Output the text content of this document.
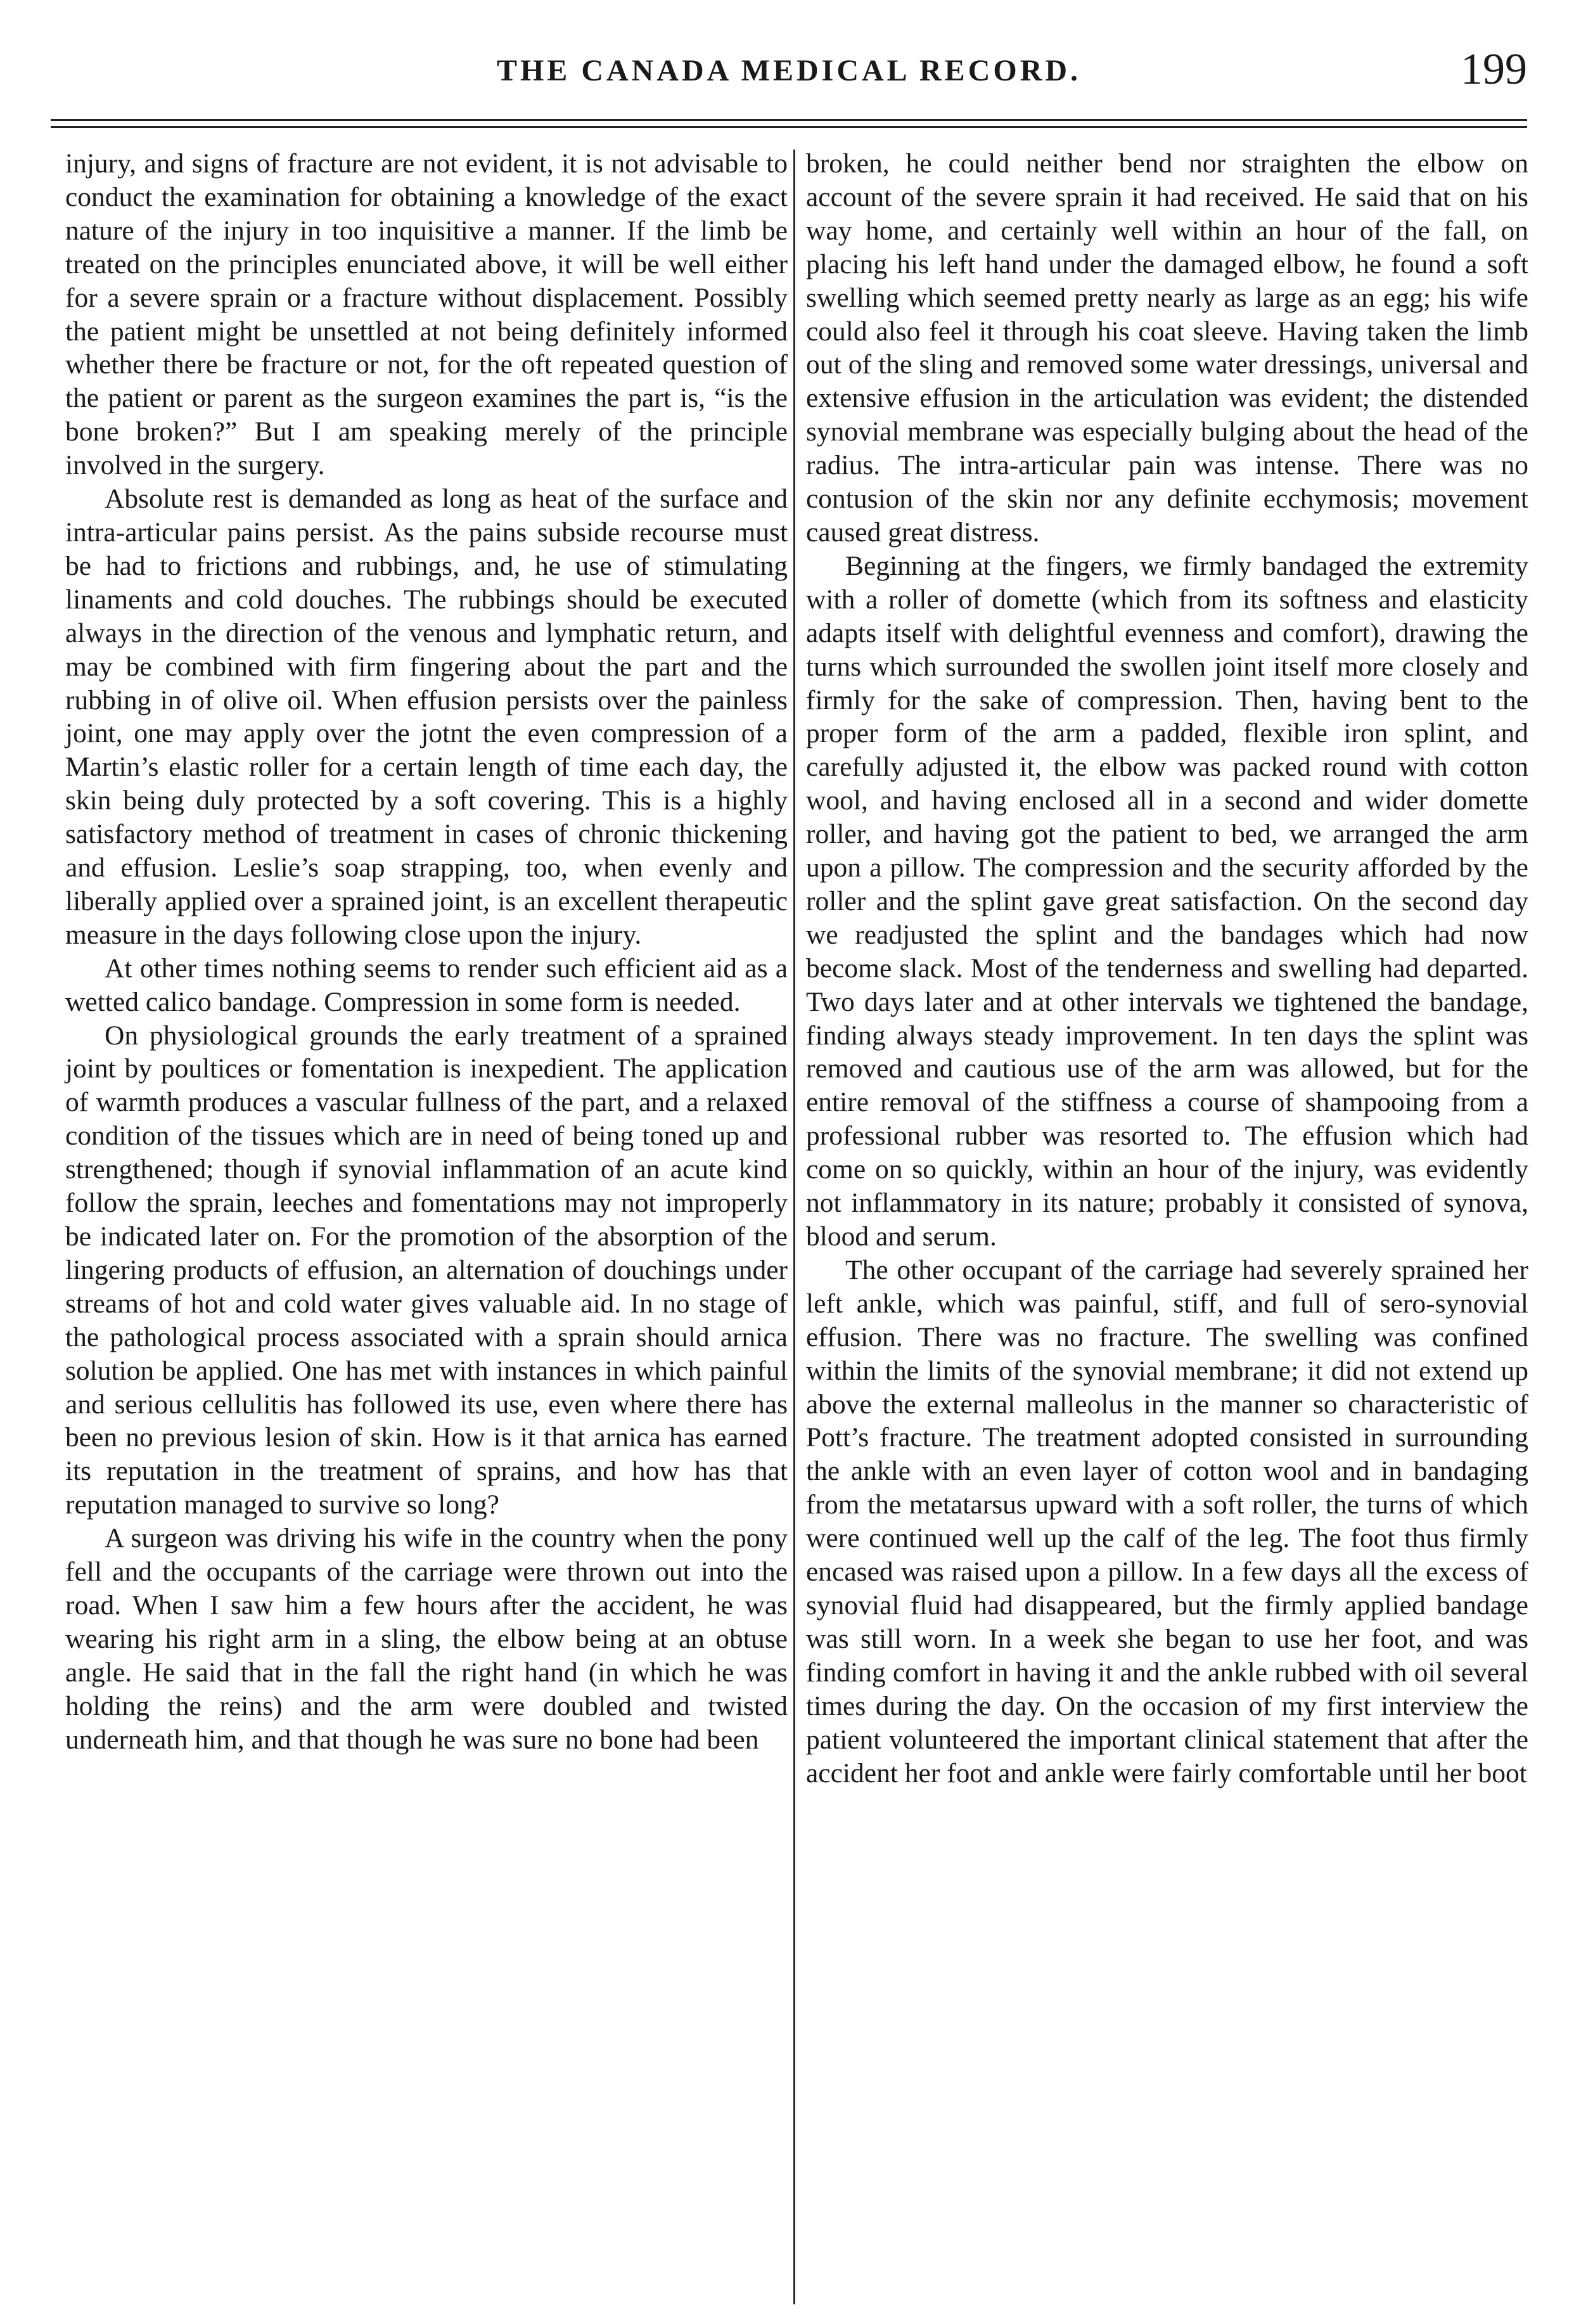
THE CANADA MEDICAL RECORD.	199

injury, and signs of fracture are not evident, it is not advisable to conduct the examination for obtaining a knowledge of the exact nature of the injury in too inquisitive a manner. If the limb be treated on the principles enunciated above, it will be well either for a severe sprain or a fracture without displacement. Possibly the patient might be unsettled at not being definitely informed whether there be fracture or not, for the oft repeated question of the patient or parent as the surgeon examines the part is, “is the bone broken?” But I am speaking merely of the principle involved in the surgery.

Absolute rest is demanded as long as heat of the surface and intra-articular pains persist. As the pains subside recourse must be had to frictions and rubbings, and, he use of stimulating linaments and cold douches. The rubbings should be executed always in the direction of the venous and lymphatic return, and may be combined with firm fingering about the part and the rubbing in of olive oil. When effusion persists over the painless joint, one may apply over the jotnt the even compression of a Martin’s elastic roller for a certain length of time each day, the skin being duly protected by a soft covering. This is a highly satisfactory method of treatment in cases of chronic thickening and effusion. Leslie’s soap strapping, too, when evenly and liberally applied over a sprained joint, is an excellent therapeutic measure in the days following close upon the injury.

At other times nothing seems to render such efficient aid as a wetted calico bandage. Compression in some form is needed.

On physiological grounds the early treatment of a sprained joint by poultices or fomentation is inexpedient. The application of warmth produces a vascular fullness of the part, and a relaxed condition of the tissues which are in need of being toned up and strengthened; though if synovial inflammation of an acute kind follow the sprain, leeches and fomentations may not improperly be indicated later on. For the promotion of the absorption of the lingering products of effusion, an alternation of douchings under streams of hot and cold water gives valuable aid. In no stage of the pathological process associated with a sprain should arnica solution be applied. One has met with instances in which painful and serious cellulitis has followed its use, even where there has been no previous lesion of skin. How is it that arnica has earned its reputation in the treatment of sprains, and how has that reputation managed to survive so long?

A surgeon was driving his wife in the country when the pony fell and the occupants of the carriage were thrown out into the road. When I saw him a few hours after the accident, he was wearing his right arm in a sling, the elbow being at an obtuse angle. He said that in the fall the right hand (in which he was holding the reins) and the arm were doubled and twisted underneath him, and that though he was sure no bone had been

broken, he could neither bend nor straighten the elbow on account of the severe sprain it had received. He said that on his way home, and certainly well within an hour of the fall, on placing his left hand under the damaged elbow, he found a soft swelling which seemed pretty nearly as large as an egg; his wife could also feel it through his coat sleeve. Having taken the limb out of the sling and removed some water dressings, universal and extensive effusion in the articulation was evident; the distended synovial membrane was especially bulging about the head of the radius. The intra-articular pain was intense. There was no contusion of the skin nor any definite ecchymosis; movement caused great distress.

Beginning at the fingers, we firmly bandaged the extremity with a roller of domette (which from its softness and elasticity adapts itself with delightful evenness and comfort), drawing the turns which surrounded the swollen joint itself more closely and firmly for the sake of compression. Then, having bent to the proper form of the arm a padded, flexible iron splint, and carefully adjusted it, the elbow was packed round with cotton wool, and having enclosed all in a second and wider domette roller, and having got the patient to bed, we arranged the arm upon a pillow. The compression and the security afforded by the roller and the splint gave great satisfaction. On the second day we readjusted the splint and the bandages which had now become slack. Most of the tenderness and swelling had departed. Two days later and at other intervals we tightened the bandage, finding always steady improvement. In ten days the splint was removed and cautious use of the arm was allowed, but for the entire removal of the stiffness a course of shampooing from a professional rubber was resorted to. The effusion which had come on so quickly, within an hour of the injury, was evidently not inflammatory in its nature; probably it consisted of synova, blood and serum.

The other occupant of the carriage had severely sprained her left ankle, which was painful, stiff, and full of sero-synovial effusion. There was no fracture. The swelling was confined within the limits of the synovial membrane; it did not extend up above the external malleolus in the manner so characteristic of Pott’s fracture. The treatment adopted consisted in surrounding the ankle with an even layer of cotton wool and in bandaging from the metatarsus upward with a soft roller, the turns of which were continued well up the calf of the leg. The foot thus firmly encased was raised upon a pillow. In a few days all the excess of synovial fluid had disappeared, but the firmly applied bandage was still worn. In a week she began to use her foot, and was finding comfort in having it and the ankle rubbed with oil several times during the day. On the occasion of my first interview the patient volunteered the important clinical statement that after the accident her foot and ankle were fairly comfortable until her boot
